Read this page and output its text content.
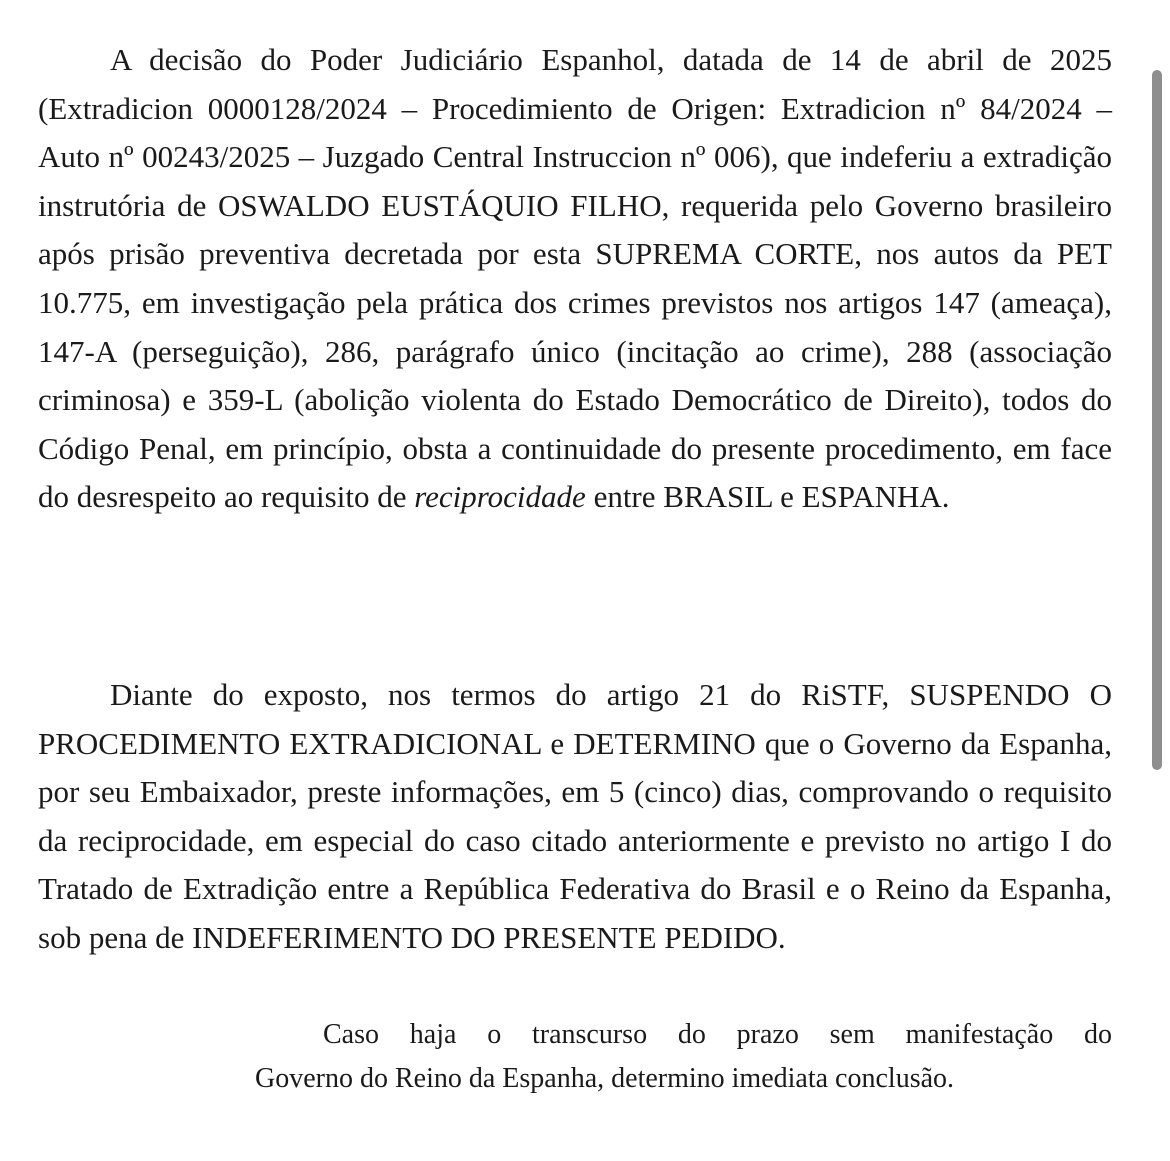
A decisão do Poder Judiciário Espanhol, datada de 14 de abril de 2025 (Extradicion 0000128/2024 – Procedimiento de Origen: Extradicion nº 84/2024 – Auto nº 00243/2025 – Juzgado Central Instruccion nº 006), que indeferiu a extradição instrutória de OSWALDO EUSTÁQUIO FILHO, requerida pelo Governo brasileiro após prisão preventiva decretada por esta SUPREMA CORTE, nos autos da PET 10.775, em investigação pela prática dos crimes previstos nos artigos 147 (ameaça), 147-A (perseguição), 286, parágrafo único (incitação ao crime), 288 (associação criminosa) e 359-L (abolição violenta do Estado Democrático de Direito), todos do Código Penal, em princípio, obsta a continuidade do presente procedimento, em face do desrespeito ao requisito de reciprocidade entre BRASIL e ESPANHA.

Diante do exposto, nos termos do artigo 21 do RiSTF, SUSPENDO O PROCEDIMENTO EXTRADICIONAL e DETERMINO que o Governo da Espanha, por seu Embaixador, preste informações, em 5 (cinco) dias, comprovando o requisito da reciprocidade, em especial do caso citado anteriormente e previsto no artigo I do Tratado de Extradição entre a República Federativa do Brasil e o Reino da Espanha, sob pena de INDEFERIMENTO DO PRESENTE PEDIDO.

Caso haja o transcurso do prazo sem manifestação do
Governo do Reino da Espanha, determino imediata conclusão.
